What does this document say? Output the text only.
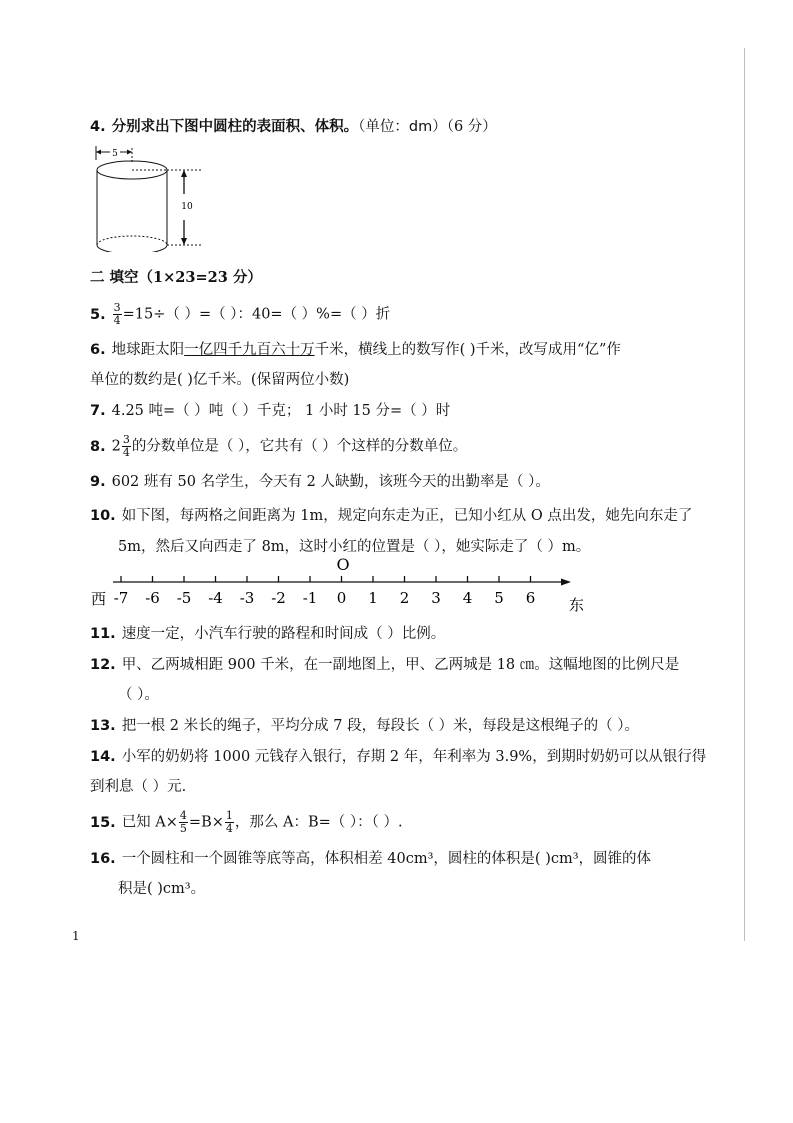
4. 分别求出下图中圆柱的表面积、体积。（单位：dm）（6 分）
5
10
二 填空（1×23=23 分）
5. $\frac{3}{4} =15\div$（ ）=（ ）：40=（ ）%=（ ）折
6. 地球距太阳一亿四千九百六十万千米，横线上的数写作( )千米，改写成用“亿”作
单位的数约是( )亿千米。(保留两位小数)
7. 4.25 吨=（ ）吨（ ）千克； 1 小时 15 分=（ ）时
8. $2 \frac{3}{4}$ 的分数单位是（ ），它共有（ ）个这样的分数单位。
9. 602 班有 50 名学生，今天有 2 人缺勤，该班今天的出勤率是（ ）。
10. 如下图，每两格之间距离为 1m，规定向东走为正，已知小红从 O 点出发，她先向东走了
5m，然后又向西走了 8m，这时小红的位置是（ ），她实际走了（ ）m。
O
西	东
-7 -6 -5 -4 -3 -2 -1 0 1 2 3 4 5 6
11. 速度一定，小汽车行驶的路程和时间成（ ）比例。
12. 甲、乙两城相距 900 千米，在一副地图上，甲、乙两城是 18 ㎝。这幅地图的比例尺是
（ ）。
13. 把一根 2 米长的绳子，平均分成 7 段，每段长（ ）米，每段是这根绳子的（ ）。
14. 小军的奶奶将 1000 元钱存入银行，存期 2 年，年利率为 3.9%，到期时奶奶可以从银行得
到利息（ ）元.
15. 已知 $A\times \frac{4}{5} =B\times \frac{1}{4}$ ，那么 A：B=（ ）：（ ）.
16. 一个圆柱和一个圆锥等底等高，体积相差 40cm³，圆柱的体积是( )cm³，圆锥的体
积是( )cm³。
1
